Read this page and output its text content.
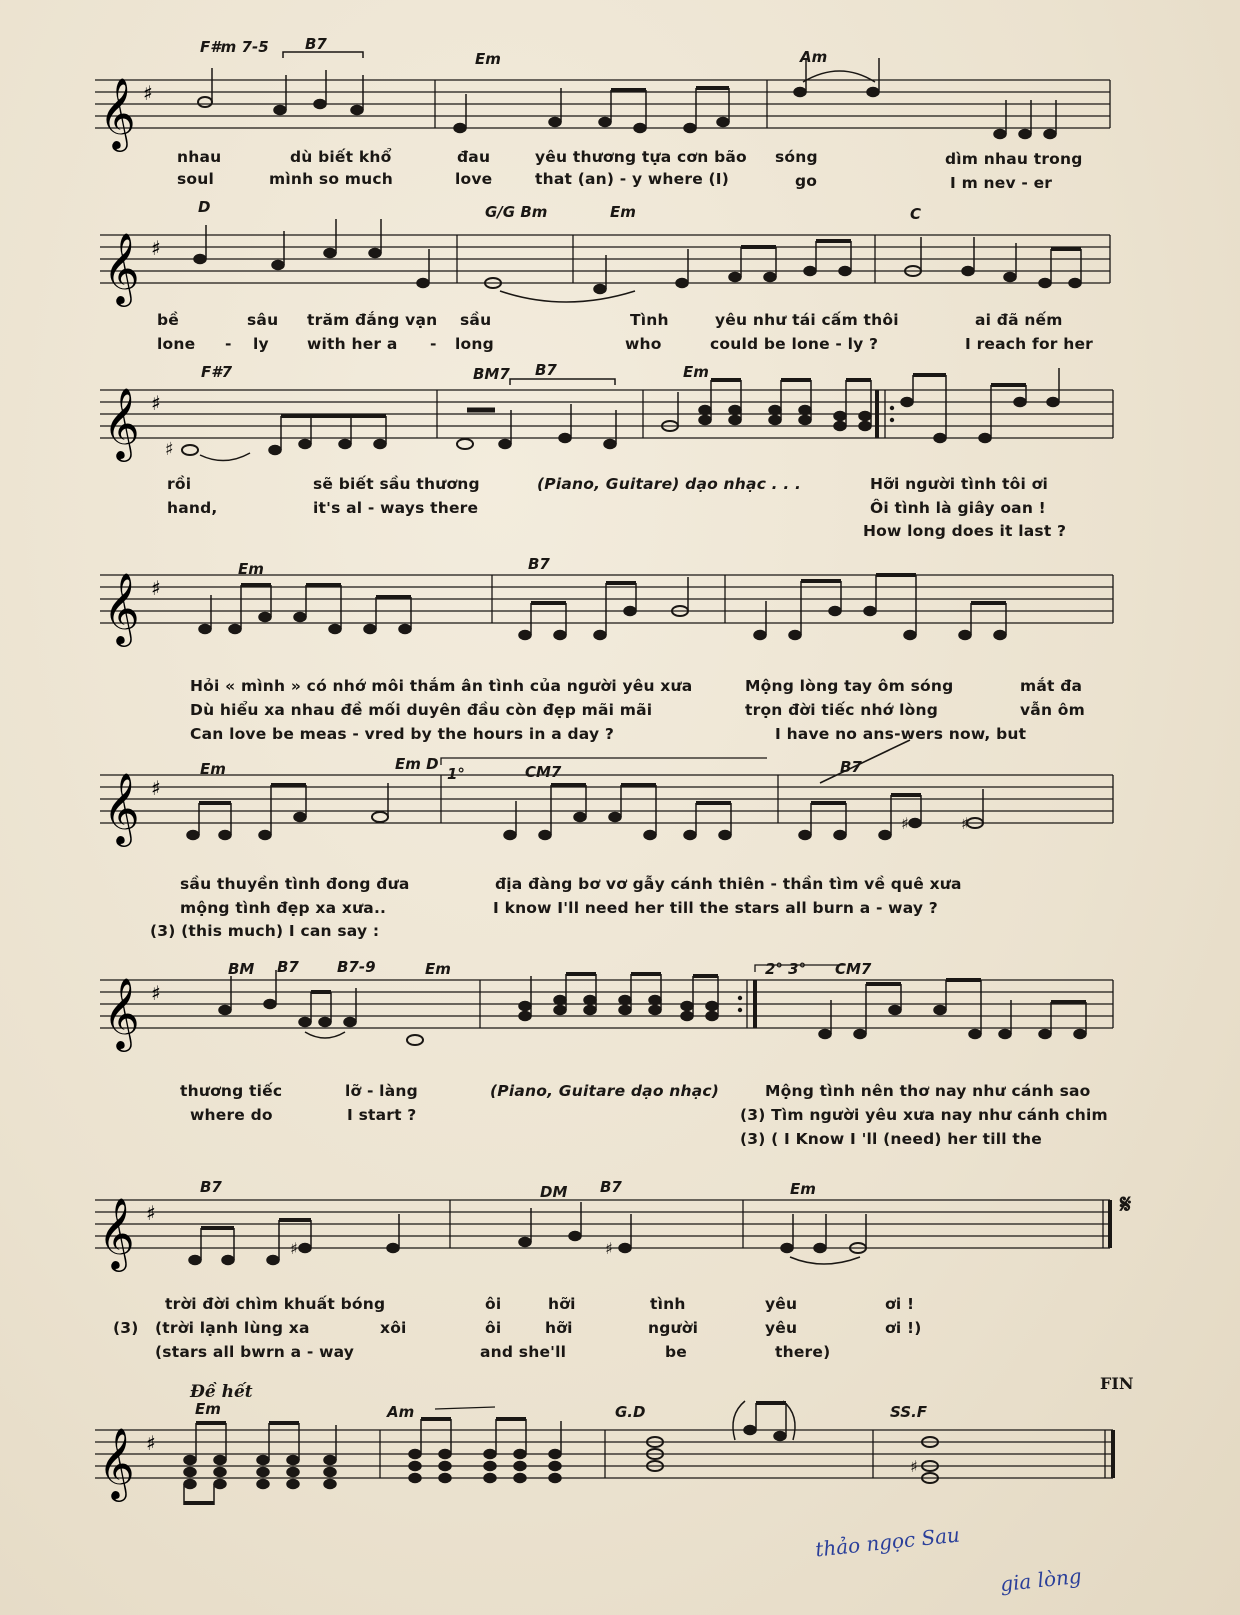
𝄞 ♯
F#m 7-5 B7
Em	Am
nhau	dù biết khổ	đau	yêu thương tựa cơn bão sóng	dìm nhau trong
soul	mình so much	love	that (an) - y where (I)	go	I m nev - er
𝄞 ♯
D	G/G Bm	Em	C
bề	sâu trăm đắng vạn sầu	Tình	yêu như tái cấm thôi	ai đã nếm
lone - ly with her a - long	who	could be lone - ly ?	I reach for her
𝄞 ♯
♯
F#7	BM7 B7	Em
rồi	sẽ biết sầu thương	(Piano, Guitare) dạo nhạc . . .	Hỡi người tình tôi ơi
hand,	it's al - ways there	Ôi tình là giây oan !
How long does it last ?
𝄞 ♯
Em	B7
Hỏi « mình » có nhớ môi thắm ân tình của người yêu xưa	Mộng lòng tay ôm sóng	mắt đa
Dù hiểu xa nhau đề mối duyên đầu còn đẹp mãi mãi	trọn đời tiếc nhớ lòng	vẫn ôm
Can love be meas - vred by the hours in a day ?	I have no ans-wers now, but
𝄞 ♯
♯	♯
Em	Em D
1°	CM7	B7
sầu thuyền tình đong đưa	địa đàng bơ vơ gẫy cánh thiên - thần tìm về quê xưa
mộng tình đẹp xa xưa..	I know I'll need her till the stars all burn a - way ?
(3) (this much) I can say :
𝄞 ♯
BM B7	B7-9	Em	2° 3° CM7
thương tiếc	lỡ - làng	(Piano, Guitare dạo nhạc)	Mộng tình nên thơ nay như cánh sao
where do	I start ?	(3) Tìm người yêu xưa nay như cánh chim
(3) ( I Know I 'll (need) her till the
𝄋
𝄞 ♯
♯	♯
B7	DM B7	Em
trời đời chìm khuất bóng	ôi	hỡi	tình	yêu	ơi !
(3) (trời lạnh lùng xa	xôi	ôi	hỡi	người	yêu	ơi !)
(stars all bwrn a - way	and she'll	be	there)
Đề hết	FIN
𝄞 ♯
♯
Em	Am	G.D	SS.F
thảo ngọc Sau
gia lòng
